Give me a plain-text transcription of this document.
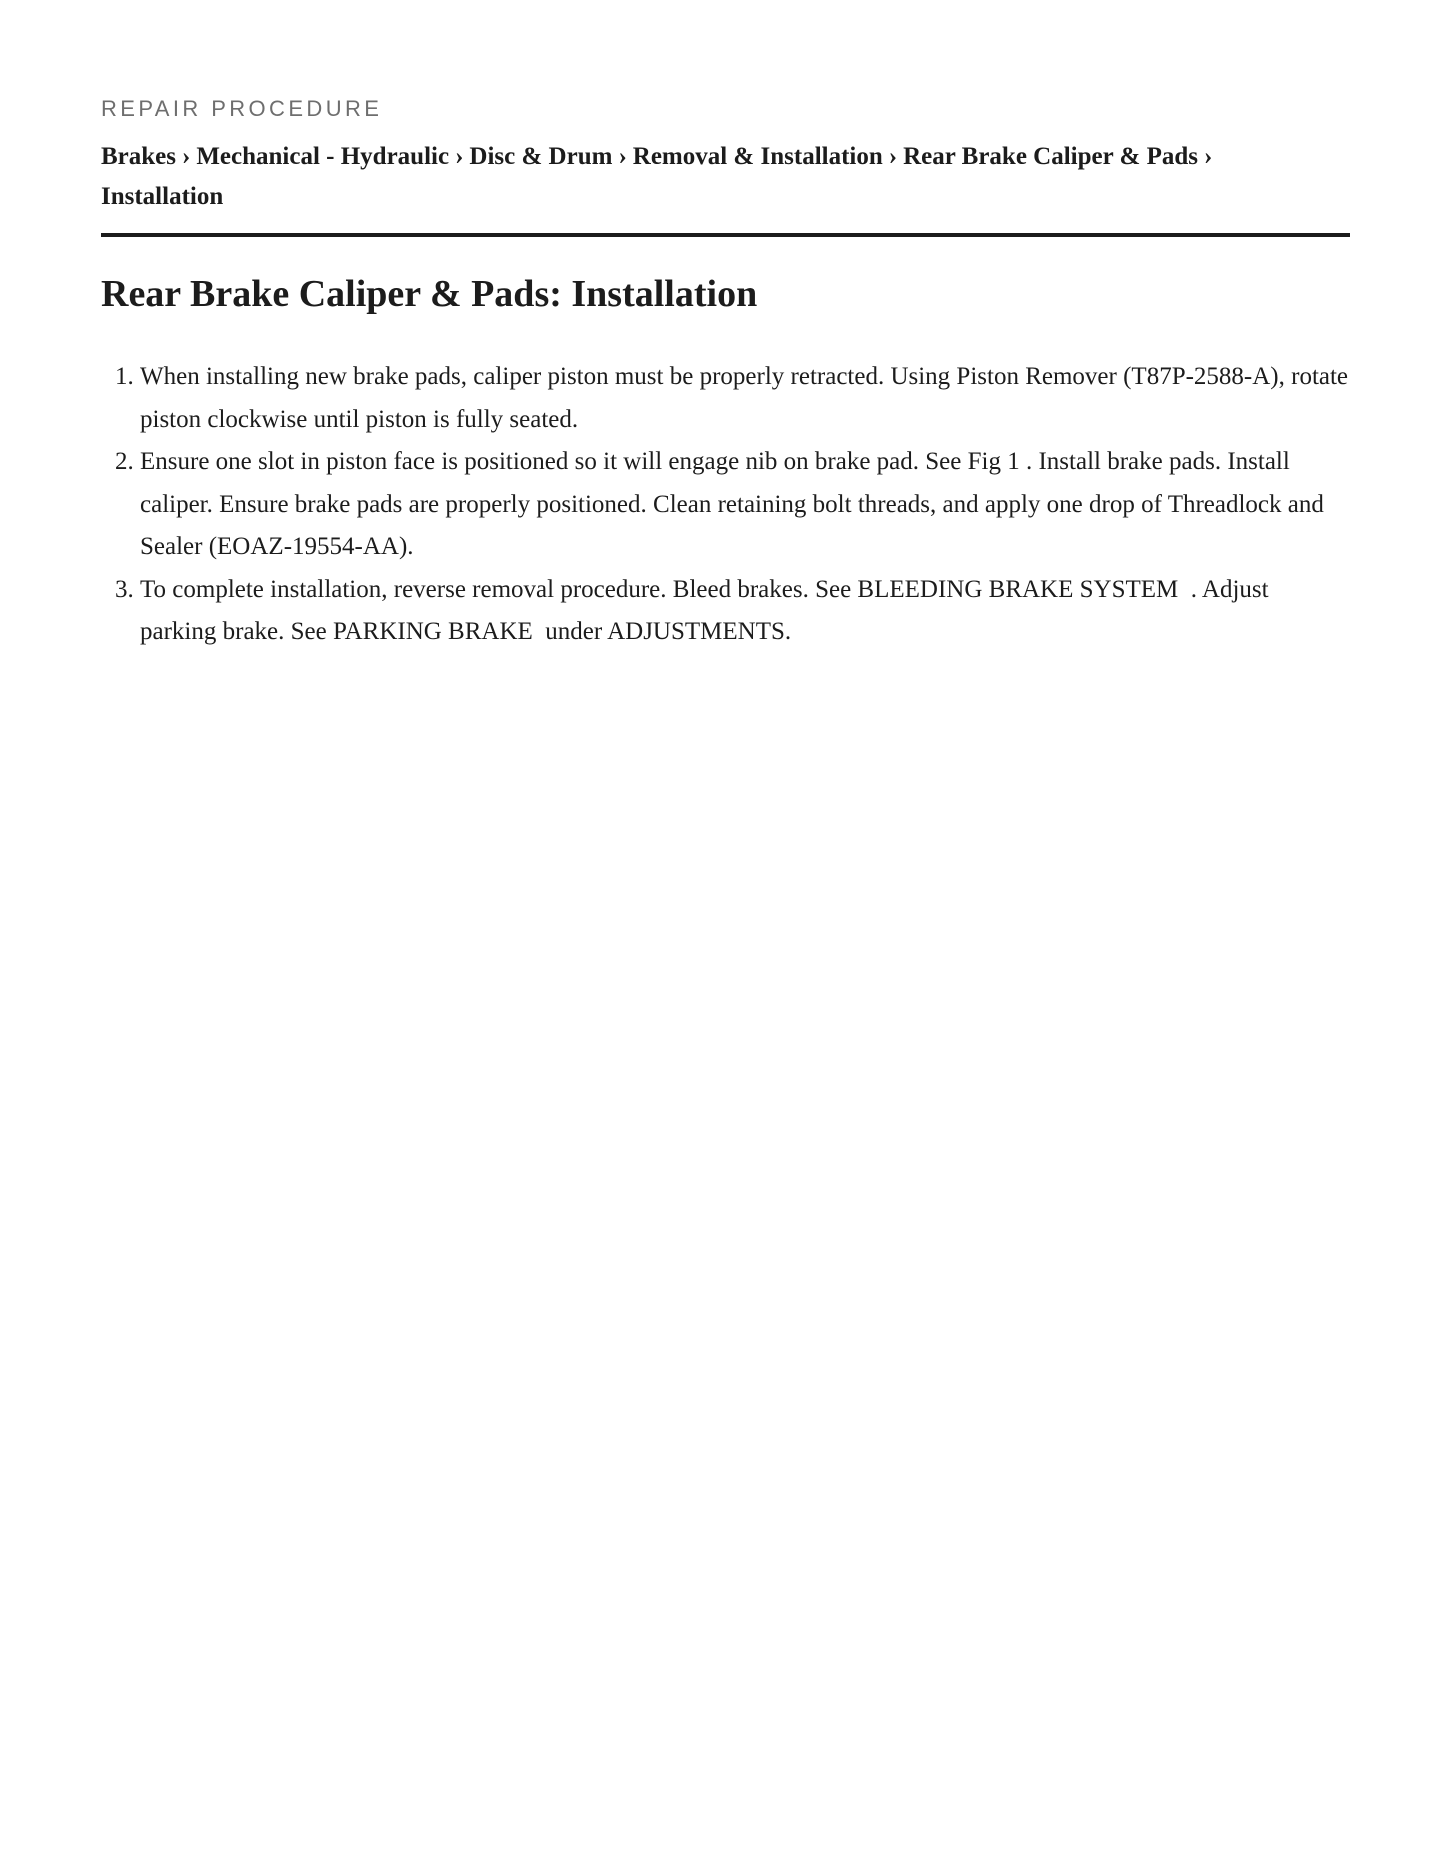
REPAIR PROCEDURE

Brakes › Mechanical - Hydraulic › Disc & Drum › Removal & Installation › Rear Brake Caliper & Pads ›
Installation
Rear Brake Caliper & Pads: Installation
1. When installing new brake pads, caliper piston must be properly retracted. Using Piston Remover (T87P-2588-A), rotate piston clockwise until piston is fully seated.
2. Ensure one slot in piston face is positioned so it will engage nib on brake pad. See Fig 1 . Install brake pads. Install caliper. Ensure brake pads are properly positioned. Clean retaining bolt threads, and apply one drop of Threadlock and Sealer (EOAZ-19554-AA).
3. To complete installation, reverse removal procedure. Bleed brakes. See BLEEDING BRAKE SYSTEM  . Adjust parking brake. See PARKING BRAKE  under ADJUSTMENTS.
